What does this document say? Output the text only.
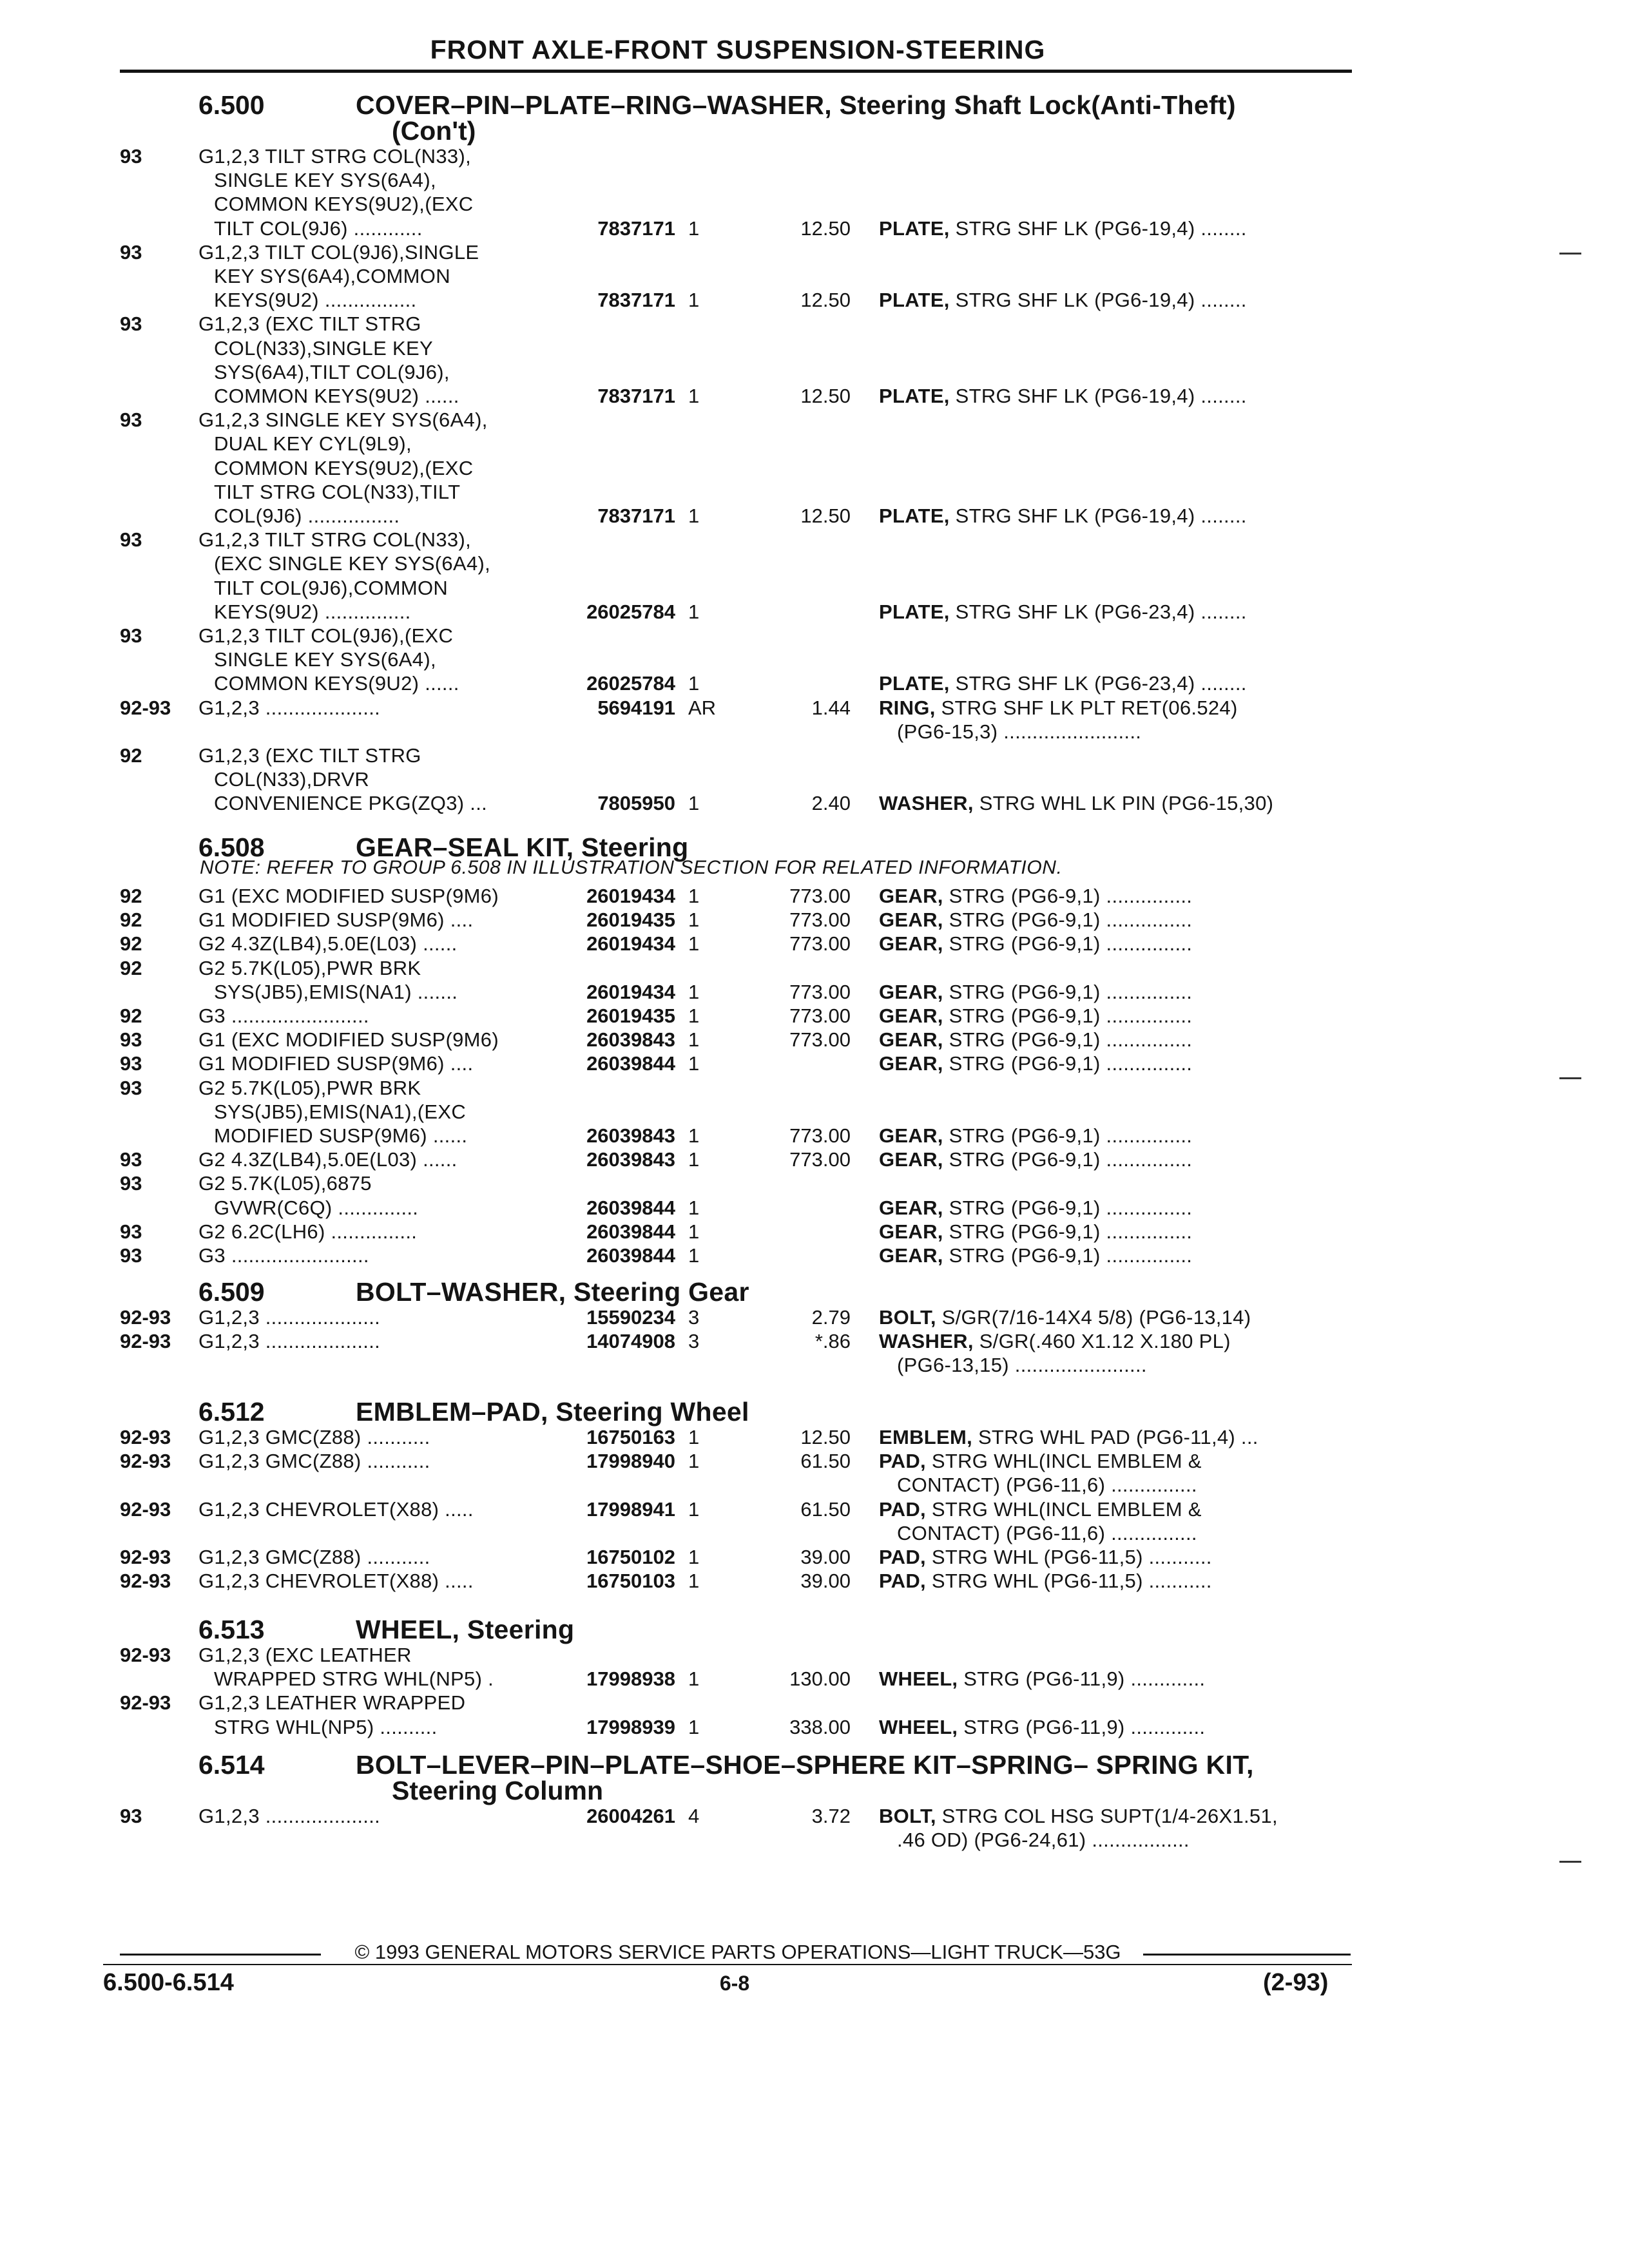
FRONT AXLE-FRONT SUSPENSION-STEERING
6.500	COVER–PIN–PLATE–RING–WASHER, Steering Shaft Lock(Anti-Theft)
(Con't)
93	G1,2,3 TILT STRG COL(N33),
SINGLE KEY SYS(6A4),
COMMON KEYS(9U2),(EXC
TILT COL(9J6) ............	7837171 1	12.50 PLATE, STRG SHF LK (PG6-19,4) ........
93	G1,2,3 TILT COL(9J6),SINGLE
KEY SYS(6A4),COMMON
KEYS(9U2) ................	7837171 1	12.50 PLATE, STRG SHF LK (PG6-19,4) ........
93	G1,2,3 (EXC TILT STRG
COL(N33),SINGLE KEY
SYS(6A4),TILT COL(9J6),
COMMON KEYS(9U2) ......	7837171 1	12.50 PLATE, STRG SHF LK (PG6-19,4) ........
93	G1,2,3 SINGLE KEY SYS(6A4),
DUAL KEY CYL(9L9),
COMMON KEYS(9U2),(EXC
TILT STRG COL(N33),TILT
COL(9J6) ................	7837171 1	12.50 PLATE, STRG SHF LK (PG6-19,4) ........
93	G1,2,3 TILT STRG COL(N33),
(EXC SINGLE KEY SYS(6A4),
TILT COL(9J6),COMMON
KEYS(9U2) ...............	26025784 1	PLATE, STRG SHF LK (PG6-23,4) ........
93	G1,2,3 TILT COL(9J6),(EXC
SINGLE KEY SYS(6A4),
COMMON KEYS(9U2) ......	26025784 1	PLATE, STRG SHF LK (PG6-23,4) ........
92-93 G1,2,3 ....................	5694191 AR	1.44 RING, STRG SHF LK PLT RET(06.524)
(PG6-15,3) ........................
92	G1,2,3 (EXC TILT STRG
COL(N33),DRVR
CONVENIENCE PKG(ZQ3) ...	7805950 1	2.40 WASHER, STRG WHL LK PIN (PG6-15,30)
6.508	GEAR–SEAL KIT, Steering
NOTE: REFER TO GROUP 6.508 IN ILLUSTRATION SECTION FOR RELATED INFORMATION.
92	G1 (EXC MODIFIED SUSP(9M6)	26019434 1	773.00 GEAR, STRG (PG6-9,1) ...............
92	G1 MODIFIED SUSP(9M6) ....	26019435 1	773.00 GEAR, STRG (PG6-9,1) ...............
92	G2 4.3Z(LB4),5.0E(L03) ......	26019434 1	773.00 GEAR, STRG (PG6-9,1) ...............
92	G2 5.7K(L05),PWR BRK
SYS(JB5),EMIS(NA1) .......	26019434 1	773.00 GEAR, STRG (PG6-9,1) ...............
92	G3 ........................	26019435 1	773.00 GEAR, STRG (PG6-9,1) ...............
93	G1 (EXC MODIFIED SUSP(9M6)	26039843 1	773.00 GEAR, STRG (PG6-9,1) ...............
93	G1 MODIFIED SUSP(9M6) ....	26039844 1	GEAR, STRG (PG6-9,1) ...............
93	G2 5.7K(L05),PWR BRK
SYS(JB5),EMIS(NA1),(EXC
MODIFIED SUSP(9M6) ......	26039843 1	773.00 GEAR, STRG (PG6-9,1) ...............
93	G2 4.3Z(LB4),5.0E(L03) ......	26039843 1	773.00 GEAR, STRG (PG6-9,1) ...............
93	G2 5.7K(L05),6875
GVWR(C6Q) ..............	26039844 1	GEAR, STRG (PG6-9,1) ...............
93	G2 6.2C(LH6) ...............	26039844 1	GEAR, STRG (PG6-9,1) ...............
93	G3 ........................	26039844 1	GEAR, STRG (PG6-9,1) ...............
6.509	BOLT–WASHER, Steering Gear
92-93 G1,2,3 ....................	15590234 3	2.79 BOLT, S/GR(7/16-14X4 5/8) (PG6-13,14)
92-93 G1,2,3 ....................	14074908 3	*.86 WASHER, S/GR(.460 X1.12 X.180 PL)
(PG6-13,15) .......................
6.512	EMBLEM–PAD, Steering Wheel
92-93 G1,2,3 GMC(Z88) ...........	16750163 1	12.50 EMBLEM, STRG WHL PAD (PG6-11,4) ...
92-93 G1,2,3 GMC(Z88) ...........	17998940 1	61.50 PAD, STRG WHL(INCL EMBLEM &
CONTACT) (PG6-11,6) ...............
92-93 G1,2,3 CHEVROLET(X88) .....	17998941 1	61.50 PAD, STRG WHL(INCL EMBLEM &
CONTACT) (PG6-11,6) ...............
92-93 G1,2,3 GMC(Z88) ...........	16750102 1	39.00 PAD, STRG WHL (PG6-11,5) ...........
92-93 G1,2,3 CHEVROLET(X88) .....	16750103 1	39.00 PAD, STRG WHL (PG6-11,5) ...........
6.513	WHEEL, Steering
92-93 G1,2,3 (EXC LEATHER
WRAPPED STRG WHL(NP5) .	17998938 1	130.00 WHEEL, STRG (PG6-11,9) .............
92-93 G1,2,3 LEATHER WRAPPED
STRG WHL(NP5) ..........	17998939 1	338.00 WHEEL, STRG (PG6-11,9) .............
6.514	BOLT–LEVER–PIN–PLATE–SHOE–SPHERE KIT–SPRING– SPRING KIT,
Steering Column
93	G1,2,3 ....................	26004261 4	3.72 BOLT, STRG COL HSG SUPT(1/4-26X1.51,
.46 OD) (PG6-24,61) .................
© 1993 GENERAL MOTORS SERVICE PARTS OPERATIONS—LIGHT TRUCK—53G
6.500-6.514	6-8	(2-93)
